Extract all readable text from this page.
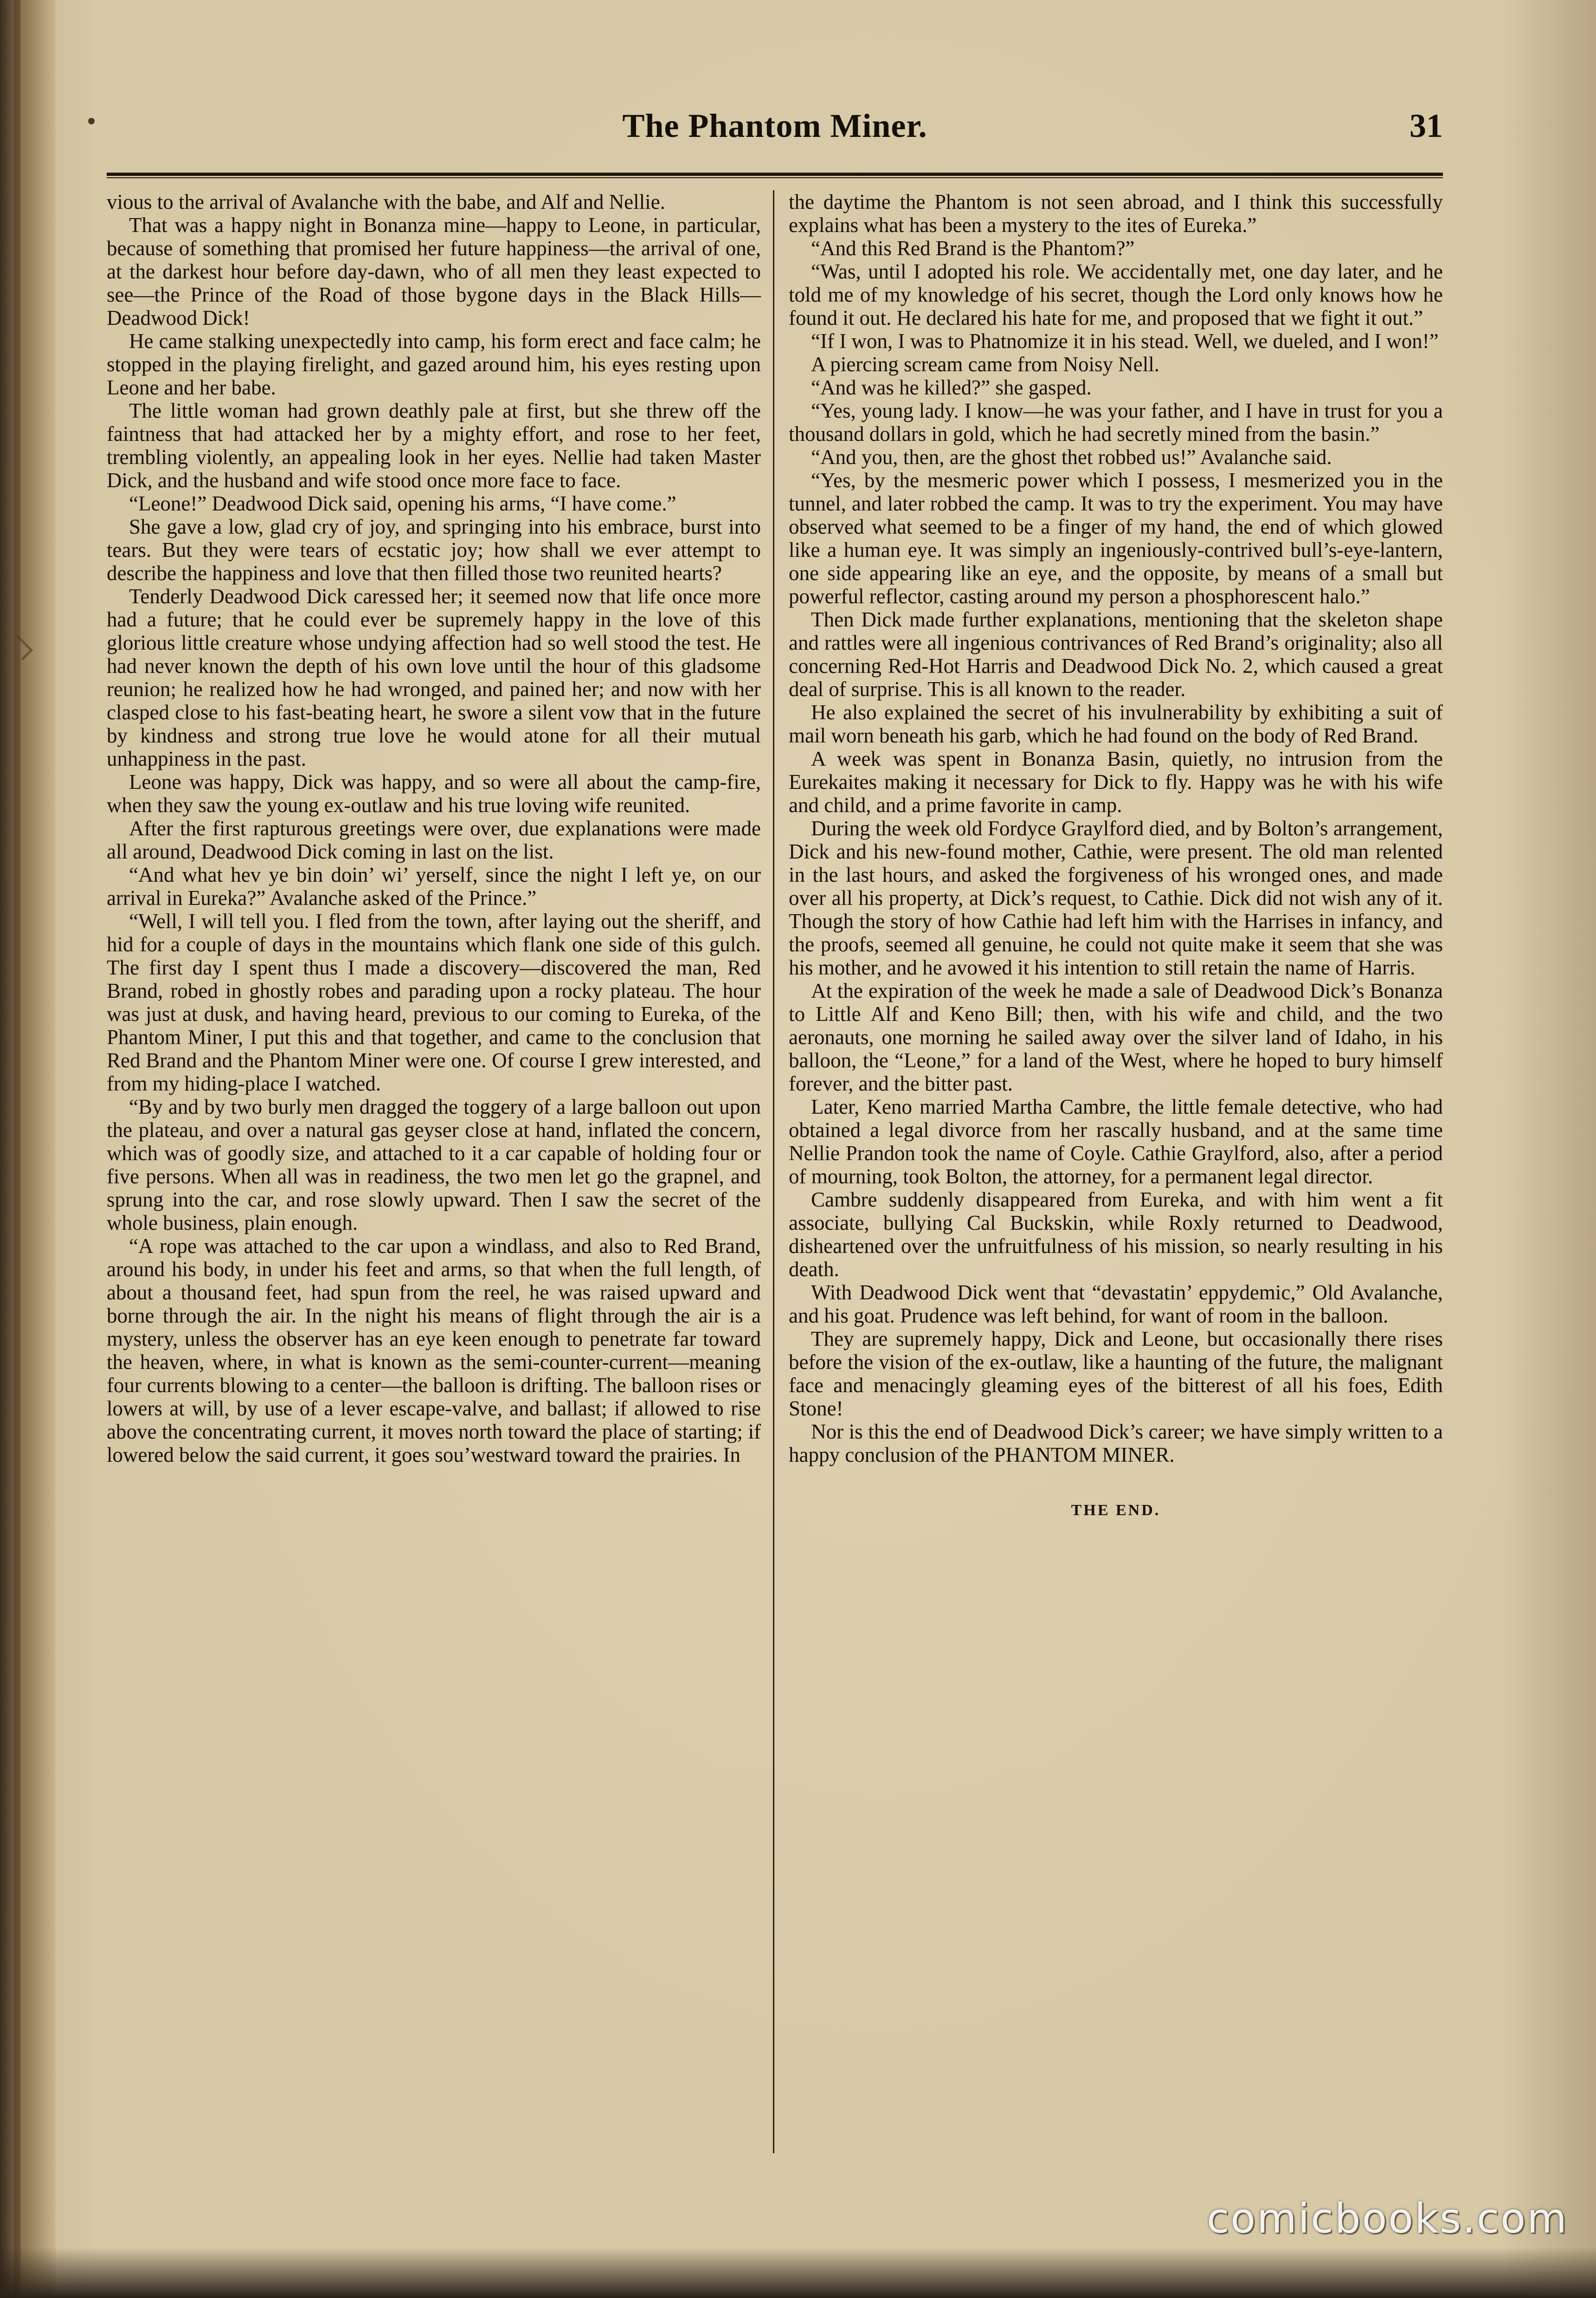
The Phantom Miner.	31

vious to the arrival of Avalanche with the babe, and Alf and Nellie.

That was a happy night in Bonanza mine—happy to Leone, in particular, because of something that promised her future happiness—the arrival of one, at the darkest hour before day-dawn, who of all men they least expected to see—the Prince of the Road of those bygone days in the Black Hills—Deadwood Dick!

He came stalking unexpectedly into camp, his form erect and face calm; he stopped in the playing firelight, and gazed around him, his eyes resting upon Leone and her babe.

The little woman had grown deathly pale at first, but she threw off the faintness that had attacked her by a mighty effort, and rose to her feet, trembling violently, an appealing look in her eyes. Nellie had taken Master Dick, and the husband and wife stood once more face to face.

“Leone!” Deadwood Dick said, opening his arms, “I have come.”

She gave a low, glad cry of joy, and springing into his embrace, burst into tears. But they were tears of ecstatic joy; how shall we ever attempt to describe the happiness and love that then filled those two reunited hearts?

Tenderly Deadwood Dick caressed her; it seemed now that life once more had a future; that he could ever be supremely happy in the love of this glorious little creature whose undying affection had so well stood the test. He had never known the depth of his own love until the hour of this gladsome reunion; he realized how he had wronged, and pained her; and now with her clasped close to his fast-beating heart, he swore a silent vow that in the future by kindness and strong true love he would atone for all their mutual unhappiness in the past.

Leone was happy, Dick was happy, and so were all about the camp-fire, when they saw the young ex-outlaw and his true loving wife reunited.

After the first rapturous greetings were over, due explanations were made all around, Deadwood Dick coming in last on the list.

“And what hev ye bin doin’ wi’ yerself, since the night I left ye, on our arrival in Eureka?” Avalanche asked of the Prince.”

“Well, I will tell you. I fled from the town, after laying out the sheriff, and hid for a couple of days in the mountains which flank one side of this gulch. The first day I spent thus I made a discovery—discovered the man, Red Brand, robed in ghostly robes and parading upon a rocky plateau. The hour was just at dusk, and having heard, previous to our coming to Eureka, of the Phantom Miner, I put this and that together, and came to the conclusion that Red Brand and the Phantom Miner were one. Of course I grew interested, and from my hiding-place I watched.

“By and by two burly men dragged the toggery of a large balloon out upon the plateau, and over a natural gas geyser close at hand, inflated the concern, which was of goodly size, and attached to it a car capable of holding four or five persons. When all was in readiness, the two men let go the grapnel, and sprung into the car, and rose slowly upward. Then I saw the secret of the whole business, plain enough.

“A rope was attached to the car upon a windlass, and also to Red Brand, around his body, in under his feet and arms, so that when the full length, of about a thousand feet, had spun from the reel, he was raised upward and borne through the air. In the night his means of flight through the air is a mystery, unless the observer has an eye keen enough to penetrate far toward the heaven, where, in what is known as the semi-counter-current—meaning four currents blowing to a center—the balloon is drifting. The balloon rises or lowers at will, by use of a lever escape-valve, and ballast; if allowed to rise above the concentrating current, it moves north toward the place of starting; if lowered below the said current, it goes sou’westward toward the prairies. In

the daytime the Phantom is not seen abroad, and I think this successfully explains what has been a mystery to the ites of Eureka.”

“And this Red Brand is the Phantom?”

“Was, until I adopted his role. We accidentally met, one day later, and he told me of my knowledge of his secret, though the Lord only knows how he found it out. He declared his hate for me, and proposed that we fight it out.”

“If I won, I was to Phatnomize it in his stead. Well, we dueled, and I won!”

A piercing scream came from Noisy Nell.

“And was he killed?” she gasped.

“Yes, young lady. I know—he was your father, and I have in trust for you a thousand dollars in gold, which he had secretly mined from the basin.”

“And you, then, are the ghost thet robbed us!” Avalanche said.

“Yes, by the mesmeric power which I possess, I mesmerized you in the tunnel, and later robbed the camp. It was to try the experiment. You may have observed what seemed to be a finger of my hand, the end of which glowed like a human eye. It was simply an ingeniously-contrived bull’s-eye-lantern, one side appearing like an eye, and the opposite, by means of a small but powerful reflector, casting around my person a phosphorescent halo.”

Then Dick made further explanations, mentioning that the skeleton shape and rattles were all ingenious contrivances of Red Brand’s originality; also all concerning Red-Hot Harris and Deadwood Dick No. 2, which caused a great deal of surprise. This is all known to the reader.

He also explained the secret of his invulnerability by exhibiting a suit of mail worn beneath his garb, which he had found on the body of Red Brand.

A week was spent in Bonanza Basin, quietly, no intrusion from the Eurekaites making it necessary for Dick to fly. Happy was he with his wife and child, and a prime favorite in camp.

During the week old Fordyce Graylford died, and by Bolton’s arrangement, Dick and his new-found mother, Cathie, were present. The old man relented in the last hours, and asked the forgiveness of his wronged ones, and made over all his property, at Dick’s request, to Cathie. Dick did not wish any of it. Though the story of how Cathie had left him with the Harrises in infancy, and the proofs, seemed all genuine, he could not quite make it seem that she was his mother, and he avowed it his intention to still retain the name of Harris.

At the expiration of the week he made a sale of Deadwood Dick’s Bonanza to Little Alf and Keno Bill; then, with his wife and child, and the two aeronauts, one morning he sailed away over the silver land of Idaho, in his balloon, the “Leone,” for a land of the West, where he hoped to bury himself forever, and the bitter past.

Later, Keno married Martha Cambre, the little female detective, who had obtained a legal divorce from her rascally husband, and at the same time Nellie Prandon took the name of Coyle. Cathie Graylford, also, after a period of mourning, took Bolton, the attorney, for a permanent legal director.

Cambre suddenly disappeared from Eureka, and with him went a fit associate, bullying Cal Buckskin, while Roxly returned to Deadwood, disheartened over the unfruitfulness of his mission, so nearly resulting in his death.

With Deadwood Dick went that “devastatin’ eppydemic,” Old Avalanche, and his goat. Prudence was left behind, for want of room in the balloon.

They are supremely happy, Dick and Leone, but occasionally there rises before the vision of the ex-outlaw, like a haunting of the future, the malignant face and menacingly gleaming eyes of the bitterest of all his foes, Edith Stone!

Nor is this the end of Deadwood Dick’s career; we have simply written to a happy conclusion of the PHANTOM MINER.

THE END.
comicbooks.com
